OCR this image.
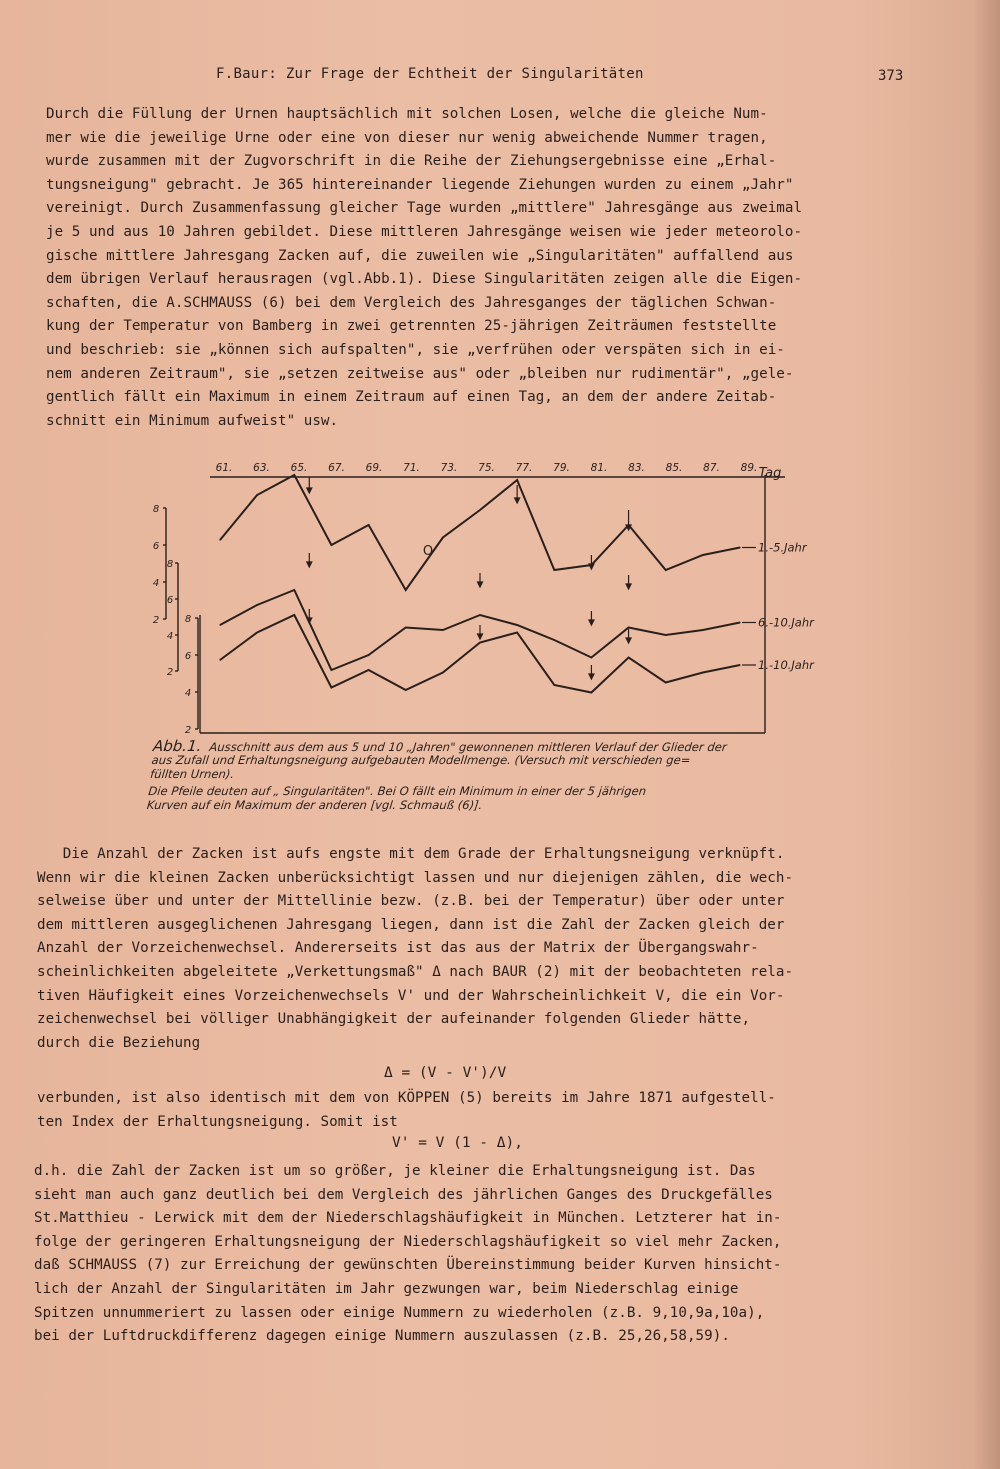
F.Baur: Zur Frage der Echtheit der Singularitäten	373
Durch die Füllung der Urnen hauptsächlich mit solchen Losen, welche die gleiche Num-
mer wie die jeweilige Urne oder eine von dieser nur wenig abweichende Nummer tragen,
wurde zusammen mit der Zugvorschrift in die Reihe der Ziehungsergebnisse eine „Erhal-
tungsneigung" gebracht. Je 365 hintereinander liegende Ziehungen wurden zu einem „Jahr"
vereinigt. Durch Zusammenfassung gleicher Tage wurden „mittlere" Jahresgänge aus zweimal
je 5 und aus 10 Jahren gebildet. Diese mittleren Jahresgänge weisen wie jeder meteorolo-
gische mittlere Jahresgang Zacken auf, die zuweilen wie „Singularitäten" auffallend aus
dem übrigen Verlauf herausragen (vgl.Abb.1). Diese Singularitäten zeigen alle die Eigen-
schaften, die A.SCHMAUSS (6) bei dem Vergleich des Jahresganges der täglichen Schwan-
kung der Temperatur von Bamberg in zwei getrennten 25-jährigen Zeiträumen feststellte
und beschrieb: sie „können sich aufspalten", sie „verfrühen oder verspäten sich in ei-
nem anderen Zeitraum", sie „setzen zeitweise aus" oder „bleiben nur rudimentär", „gele-
gentlich fällt ein Maximum in einem Zeitraum auf einen Tag, an dem der andere Zeitab-
schnitt ein Minimum aufweist" usw.
61. 63. 65. 67. 69. 71. 73. 75. 77. 79. 81. 83. 85. 87. 89. Tag
8
6
4
2
8
6
4
2
8
6
4
2
1.-5.Jahr
6.-10.Jahr
1.-10.Jahr
O
Abb.1. Ausschnitt aus dem aus 5 und 10 „Jahren" gewonnenen mittleren Verlauf der Glieder der
aus Zufall und Erhaltungsneigung aufgebauten Modellmenge. (Versuch mit verschieden ge=
füllten Urnen).
Die Pfeile deuten auf „ Singularitäten". Bei O fällt ein Minimum in einer der 5 jährigen
Kurven auf ein Maximum der anderen [vgl. Schmauß (6)].
Die Anzahl der Zacken ist aufs engste mit dem Grade der Erhaltungsneigung verknüpft.
Wenn wir die kleinen Zacken unberücksichtigt lassen und nur diejenigen zählen, die wech-
selweise über und unter der Mittellinie bezw. (z.B. bei der Temperatur) über oder unter
dem mittleren ausgeglichenen Jahresgang liegen, dann ist die Zahl der Zacken gleich der
Anzahl der Vorzeichenwechsel. Andererseits ist das aus der Matrix der Übergangswahr-
scheinlichkeiten abgeleitete „Verkettungsmaß" Δ nach BAUR (2) mit der beobachteten rela-
tiven Häufigkeit eines Vorzeichenwechsels V' und der Wahrscheinlichkeit V, die ein Vor-
zeichenwechsel bei völliger Unabhängigkeit der aufeinander folgenden Glieder hätte,
durch die Beziehung
Δ = (V - V')/V
verbunden, ist also identisch mit dem von KÖPPEN (5) bereits im Jahre 1871 aufgestell-
ten Index der Erhaltungsneigung. Somit ist
V' = V (1 - Δ),
d.h. die Zahl der Zacken ist um so größer, je kleiner die Erhaltungsneigung ist. Das
sieht man auch ganz deutlich bei dem Vergleich des jährlichen Ganges des Druckgefälles
St.Matthieu - Lerwick mit dem der Niederschlagshäufigkeit in München. Letzterer hat in-
folge der geringeren Erhaltungsneigung der Niederschlagshäufigkeit so viel mehr Zacken,
daß SCHMAUSS (7) zur Erreichung der gewünschten Übereinstimmung beider Kurven hinsicht-
lich der Anzahl der Singularitäten im Jahr gezwungen war, beim Niederschlag einige
Spitzen unnummeriert zu lassen oder einige Nummern zu wiederholen (z.B. 9,10,9a,10a),
bei der Luftdruckdifferenz dagegen einige Nummern auszulassen (z.B. 25,26,58,59).
